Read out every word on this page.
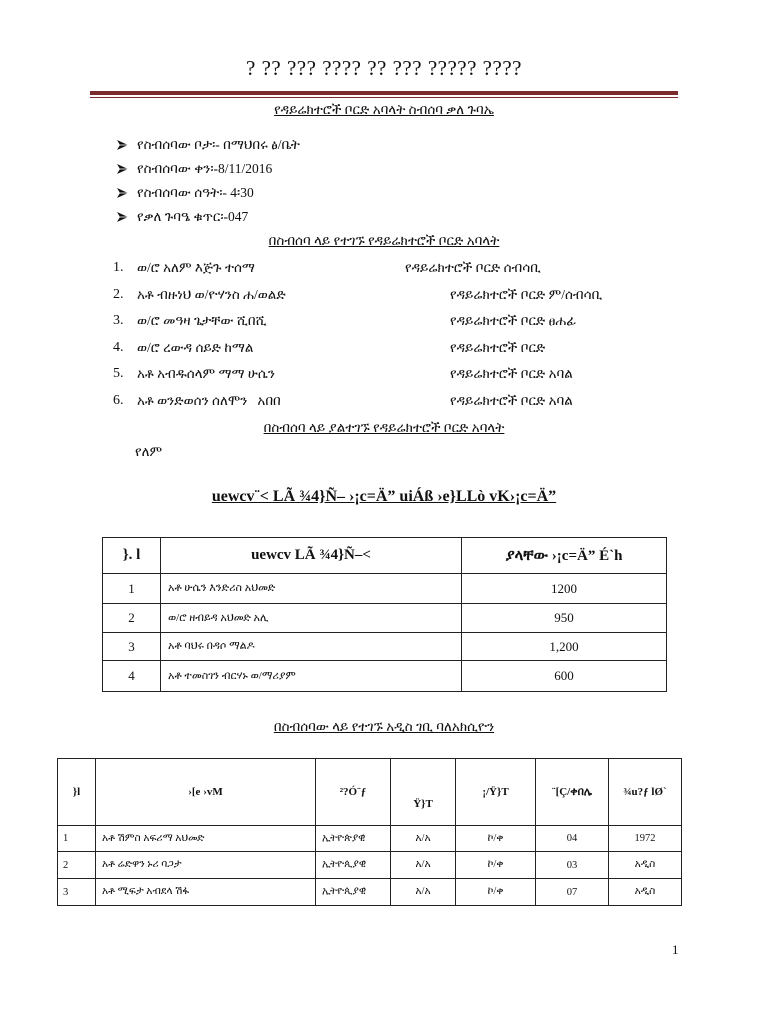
? ?? ??? ???? ?? ??? ????? ????
የዳይሬክተሮች ቦርድ አባላት ስብሰባ ቃለ ጉባኤ
የስብሰባው ቦታ፡- በማህበሩ ፅ/ቤት
የስብሰባው ቀን፡-8/11/2016
የስብሰባው ሰዓት፡- 4፡30
የቃለ ጉባዔ ቁጥር፡-047
በስብሰባ ላይ የተገኙ የዳይሬክተሮች ቦርድ አባላት
1. ወ/ሮ አለም እጅጉ ተሰማ	የዳይሬክተሮች ቦርድ ሰብሳቢ
2. አቶ ብዙነህ ወ/ዮሃንስ ሐ/ወልድ	የዳይሬክተሮች ቦርድ ም/ሰብሳቢ
3. ወ/ሮ መዓዛ ጌታቸው ሺበሺ	የዳይሬክተሮች ቦርድ ፀሐፊ
4. ወ/ሮ ረውዳ ሰይድ ከማል	የዳይሬክተሮች ቦርድ
5. አቶ አብዱሰላም ማማ ሁሴን	የዳይሬክተሮች ቦርድ አባል
6. አቶ ወንድወሰን ሰለሞን   አበበ	የዳይሬክተሮች ቦርድ አባል
በስብሰባ ላይ ያልተገኙ የዳይሬክተሮች ቦርድ አባላት
የለም
uewcv¨< LÃ ¾4}Ñ– ›¡c=Ä” uiÁß ›e}LLò vK›¡c=Ä”
}. l	uewcv LÃ ¾4}Ñ–<	ያላቸው ›¡c=Ä” É`h
1	አቶ ሁሴን እንድሪስ አህመድ	1200
2	ወ/ሮ ዘብይዳ አህመድ አሊ	950
3	አቶ ባህሩ በዳሶ ማልዶ	1,200
4	አቶ ተመስገን ብርሃኑ ወ/ማሪያም	600
በስብሰባው ላይ የተገኙ አዲስ ገቢ ባለአክሲዮን
}l	›[e ›vM	²?Ó¨ƒ	Ÿ}T	¡/Ÿ}T	¨[Ç/ቀበሌ	¾u?ƒ lØ`
1	አቶ ሽምስ አፍሪማ አህመድ	ኢትዮጵያዊ	አ/አ	ኮ/ቀ	04	1972
2	አቶ ሬድዋን ኑሪ ባጋታ	ኢትዮጲያዊ	አ/አ	ኮ/ቀ	03	አዲስ
3	አቶ ሚፍታ አብደላ ሽፋ	ኢትዮጲያዊ	አ/አ	ኮ/ቀ	07	አዲስ
1
